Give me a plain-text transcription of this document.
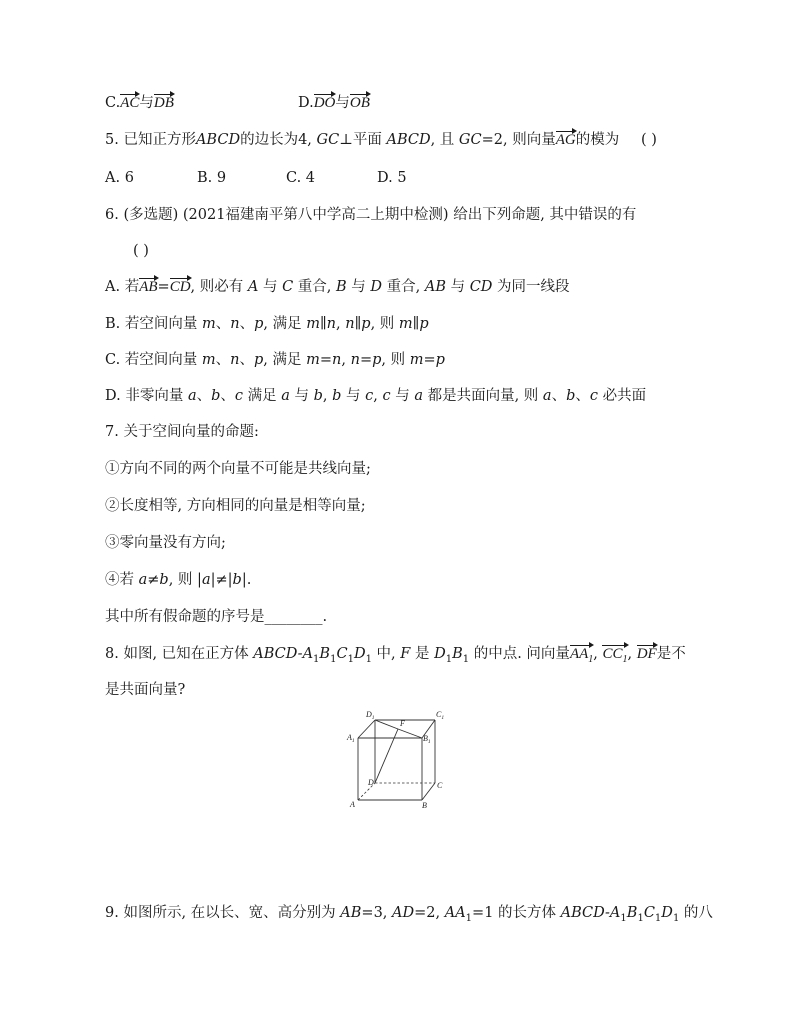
C.AC与DB	D.DO与OB
5. 已知正方形ABCD的边长为4, GC⊥平面 ABCD, 且 GC=2, 则向量AG的模为 ( )
A. 6	B. 9	C. 4	D. 5
6. (多选题) (2021福建南平第八中学高二上期中检测) 给出下列命题, 其中错误的有
( )
A. 若AB=CD, 则必有 A 与 C 重合, B 与 D 重合, AB 与 CD 为同一线段
B. 若空间向量 m、n、p, 满足 m∥n, n∥p, 则 m∥p
C. 若空间向量 m、n、p, 满足 m=n, n=p, 则 m=p
D. 非零向量 a、b、c 满足 a 与 b, b 与 c, c 与 a 都是共面向量, 则 a、b、c 必共面
7. 关于空间向量的命题:
①方向不同的两个向量不可能是共线向量;
②长度相等, 方向相同的向量是相等向量;
③零向量没有方向;
④若 a≠b, 则 |a|≠|b|.
其中所有假命题的序号是________.
8. 如图, 已知在正方体 ABCD-$A_1B_1C_1D_1$ 中, F 是 $D_1B_1$ 的中点. 问向量$AA_1$, $CC_1$, DF是不
是共面向量?
$D_1$	$C_1$
$A_1$	$B_1$
F
D	C
A	B
9. 如图所示, 在以长、宽、高分别为 AB=3, AD=2, $AA_1=1$ 的长方体 ABCD-$A_1B_1C_1D_1$ 的八
